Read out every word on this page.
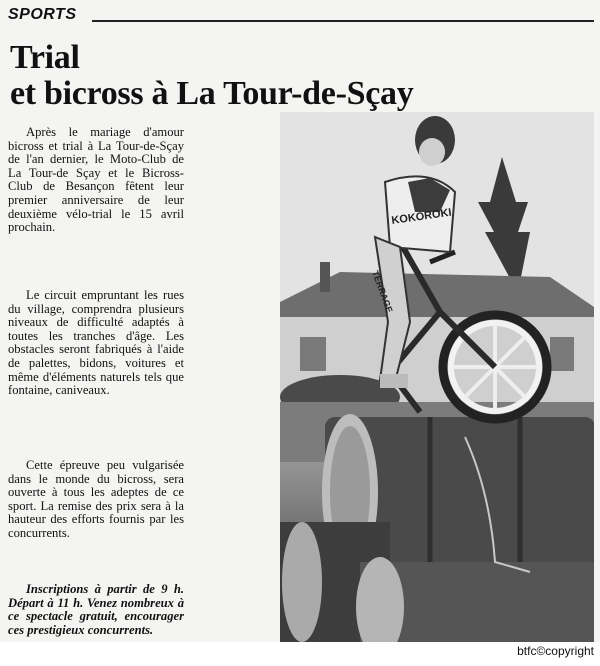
SPORTS
Trial
et bicross à La Tour-de-Sçay

Après le mariage d'amour bicross et trial à La Tour-de-Sçay de l'an dernier, le Moto-Club de La Tour-de Sçay et le Bicross-Club de Besançon fêtent leur premier anniversaire de leur deuxième vélo-trial le 15 avril prochain.

Le circuit empruntant les rues du village, comprendra plusieurs niveaux de difficulté adaptés à toutes les tranches d'âge. Les obstacles seront fabriqués à l'aide de palettes, bidons, voitures et même d'éléments naturels tels que fontaine, caniveaux.

Cette épreuve peu vulgarisée dans le monde du bicross, sera ouverte à tous les adeptes de ce sport. La remise des prix sera à la hauteur des efforts fournis par les concurrents.

Inscriptions à partir de 9 h. Départ à 11 h. Venez nombreux à ce spectacle gratuit, encourager ces prestigieux concurrents.

KOKOROKI
TERRAGE
btfc©copyright
